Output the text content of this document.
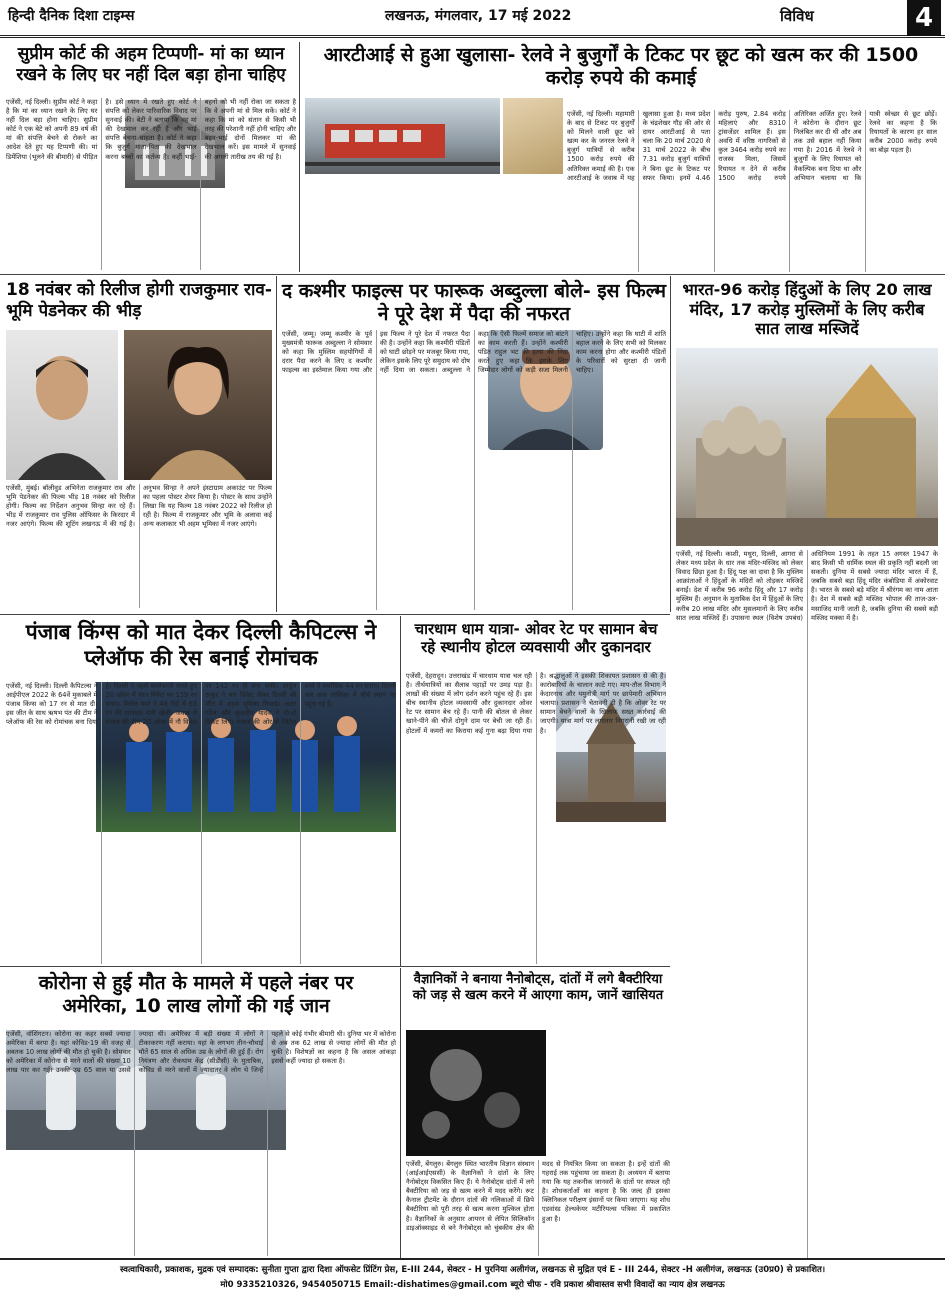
हिन्दी दैनिक दिशा टाइम्स	लखनऊ, मंगलवार, 17 मई 2022	विविध	4
सुप्रीम कोर्ट की अहम टिप्पणी- मां का ध्यान रखने के लिए घर नहीं दिल बड़ा होना चाहिए
एजेंसी, नई दिल्ली। सुप्रीम कोर्ट ने कहा है कि मां का ध्यान रखने के लिए घर नहीं दिल बड़ा होना चाहिए। सुप्रीम कोर्ट ने एक बेटे को अपनी 89 वर्ष की मां की संपत्ति बेचने से रोकने का आदेश देते हुए यह टिप्पणी की। मां डिमेंशिया (भूलने की बीमारी) से पीड़ित है। इसे ध्यान में रखते हुए कोर्ट ने संपत्ति को लेकर पारिवारिक विवाद पर सुनवाई की। बेटी ने बताया कि वह मां की देखभाल कर रही है और भाई संपत्ति बेचना चाहता है। कोर्ट ने कहा कि बुजुर्ग माता-पिता की देखभाल करना बच्चों का कर्तव्य है। कहीं भाई-बहनों को भी नहीं रोका जा सकता है कि वे अपनी मां से मिल सकें। कोर्ट ने कहा कि मां को संतान से किसी भी तरह की परेशानी नहीं होनी चाहिए और बहन-भाई दोनों मिलकर मां की देखभाल करें। इस मामले में सुनवाई की अगली तारीख तय की गई है।
आरटीआई से हुआ खुलासा- रेलवे ने बुजुर्गों के टिकट पर छूट को खत्म कर की 1500 करोड़ रुपये की कमाई
एजेंसी, नई दिल्ली। महामारी के बाद से टिकट पर बुजुर्गों को मिलने वाली छूट को खत्म कर के जनरल रेलवे ने बुजुर्ग यात्रियों से करीब 1500 करोड़ रुपये की अतिरिक्त कमाई की है। एक आरटीआई के जवाब में यह खुलासा हुआ है। मध्य प्रदेश के चंद्रशेखर गौड़ की ओर से दायर आरटीआई से पता चला कि 20 मार्च 2020 से 31 मार्च 2022 के बीच 7.31 करोड़ बुजुर्ग यात्रियों ने बिना छूट के टिकट पर सफर किया। इनमें 4.46 करोड़ पुरुष, 2.84 करोड़ महिलाएं और 8310 ट्रांसजेंडर शामिल हैं। इस अवधि में वरिष्ठ नागरिकों से कुल 3464 करोड़ रुपये का राजस्व मिला, जिसमें रियायत न देने से करीब 1500 करोड़ रुपये अतिरिक्त अर्जित हुए। रेलवे ने कोरोना के दौरान छूट निलंबित कर दी थी और अब तक उसे बहाल नहीं किया गया है। 2016 में रेलवे ने बुजुर्गों के लिए रियायत को वैकल्पिक बना दिया था और अभियान चलाया था कि यात्री स्वेच्छा से छूट छोड़ें। रेलवे का कहना है कि रियायतों के कारण हर साल करीब 2000 करोड़ रुपये का बोझ पड़ता है।
18 नवंबर को रिलीज होगी राजकुमार राव-भूमि पेडनेकर की भीड़
एजेंसी, मुंबई। बॉलीवुड अभिनेता राजकुमार राव और भूमि पेडनेकर की फिल्म भीड़ 18 नवंबर को रिलीज होगी। फिल्म का निर्देशन अनुभव सिन्हा कर रहे हैं। भीड़ में राजकुमार राव पुलिस ऑफिसर के किरदार में नजर आएंगे। फिल्म की शूटिंग लखनऊ में की गई है। अनुभव सिन्हा ने अपने इंस्टाग्राम अकाउंट पर फिल्म का पहला पोस्टर शेयर किया है। पोस्टर के साथ उन्होंने लिखा कि यह फिल्म 18 नवंबर 2022 को रिलीज हो रही है। फिल्म में राजकुमार और भूमि के अलावा कई अन्य कलाकार भी अहम भूमिका में नजर आएंगे।
द कश्मीर फाइल्स पर फारूक अब्दुल्ला बोले- इस फिल्म ने पूरे देश में पैदा की नफरत
एजेंसी, जम्मू। जम्मू कश्मीर के पूर्व मुख्यमंत्री फारूक अब्दुल्ला ने सोमवार को कहा कि मुस्लिम सहयोगियों में दरार पैदा करने के लिए द कश्मीर फाइल्स का इस्तेमाल किया गया और इस फिल्म ने पूरे देश में नफरत पैदा की है। उन्होंने कहा कि कश्मीरी पंडितों को घाटी छोड़ने पर मजबूर किया गया, लेकिन इसके लिए पूरे समुदाय को दोष नहीं दिया जा सकता। अब्दुल्ला ने कहा कि ऐसी फिल्में समाज को बांटने का काम करती हैं। उन्होंने कश्मीरी पंडित राहुल भट की हत्या की निंदा करते हुए कहा कि इसके लिए जिम्मेदार लोगों को कड़ी सजा मिलनी चाहिए। उन्होंने कहा कि घाटी में शांति बहाल करने के लिए सभी को मिलकर काम करना होगा और कश्मीरी पंडितों के परिवारों को सुरक्षा दी जानी चाहिए।
भारत-96 करोड़ हिंदुओं के लिए 20 लाख मंदिर, 17 करोड़ मुस्लिमों के लिए करीब सात लाख मस्जिदें
एजेंसी, नई दिल्ली। काशी, मथुरा, दिल्ली, आगरा से लेकर मध्य प्रदेश के धार तक मंदिर-मस्जिद को लेकर विवाद छिड़ा हुआ है। हिंदू पक्ष का दावा है कि मुस्लिम आक्रांताओं ने हिंदुओं के मंदिरों को तोड़कर मस्जिदें बनाईं। देश में करीब 96 करोड़ हिंदू और 17 करोड़ मुस्लिम हैं। अनुमान के मुताबिक देश में हिंदुओं के लिए करीब 20 लाख मंदिर और मुसलमानों के लिए करीब सात लाख मस्जिदें हैं। उपासना स्थल (विशेष उपबंध) अधिनियम 1991 के तहत 15 अगस्त 1947 के बाद किसी भी धार्मिक स्थल की प्रकृति नहीं बदली जा सकती। दुनिया में सबसे ज्यादा मंदिर भारत में हैं, जबकि सबसे बड़ा हिंदू मंदिर कंबोडिया में अंकोरवाट है। भारत के सबसे बड़े मंदिर में श्रीरंगम का नाम आता है। देश में सबसे बड़ी मस्जिद भोपाल की ताज-उल-मसाजिद मानी जाती है, जबकि दुनिया की सबसे बड़ी मस्जिद मक्का में है।
पंजाब किंग्स को मात देकर दिल्ली कैपिटल्स ने प्लेऑफ की रेस बनाई रोमांचक
एजेंसी, नई दिल्ली। दिल्ली कैपिटल्स ने आईपीएल 2022 के 64वें मुकाबले में पंजाब किंग्स को 17 रन से मात दी। इस जीत के साथ ऋषभ पंत की टीम ने प्लेऑफ की रेस को रोमांचक बना दिया है। दिल्ली ने पहले बल्लेबाजी करते हुए 20 ओवर में सात विकेट पर 159 रन बनाए। मिचेल मार्श ने 48 गेंदों में 63 रन की शानदार पारी खेली। जवाब में पंजाब की टीम 20 ओवर में नौ विकेट पर 142 रन ही बना सकी। शार्दुल ठाकुर ने चार विकेट लेकर दिल्ली की जीत में अहम भूमिका निभाई। अक्षर पटेल और कुलदीप यादव ने दो-दो विकेट लिए। पंजाब की ओर से जितेश शर्मा ने सर्वाधिक 44 रन बनाए। दिल्ली अब अंक तालिका में चौथे स्थान पर पहुंच गई है।
चारधाम धाम यात्रा- ओवर रेट पर सामान बेच रहे स्थानीय होटल व्यवसायी और दुकानदार
एजेंसी, देहरादून। उत्तराखंड में चारधाम यात्रा चल रही है। तीर्थयात्रियों का सैलाब पहाड़ों पर उमड़ पड़ा है। लाखों की संख्या में लोग दर्शन करने पहुंच रहे हैं। इस बीच स्थानीय होटल व्यवसायी और दुकानदार ओवर रेट पर सामान बेच रहे हैं। पानी की बोतल से लेकर खाने-पीने की चीजें दोगुने दाम पर बेची जा रही हैं। होटलों में कमरों का किराया कई गुना बढ़ा दिया गया है। श्रद्धालुओं ने इसकी शिकायत प्रशासन से की है। कारोबारियों के चालान काटे गए। माप-तौल विभाग ने केदारनाथ और यमुनोत्री मार्ग पर छापेमारी अभियान चलाया। प्रशासन ने चेतावनी दी है कि ओवर रेट पर सामान बेचने वालों के खिलाफ सख्त कार्रवाई की जाएगी। यात्रा मार्ग पर लगातार निगरानी रखी जा रही है।
कोरोना से हुई मौत के मामले में पहले नंबर पर अमेरिका, 10 लाख लोगों की गई जान
एजेंसी, वॉशिंगटन। कोरोना का कहर सबसे ज्यादा अमेरिका में बरपा है। यहां कोविड-19 की वजह से अबतक 10 लाख लोगों की मौत हो चुकी है। सोमवार को अमेरिका में कोरोना से मरने वालों की संख्या 10 लाख पार कर गई। उनकी उम्र 65 साल या उससे ज्यादा थी। अमेरिका में बड़ी संख्या में लोगों ने टीकाकरण नहीं कराया। यहां के लगभग तीन-चौथाई मौतें 65 साल से अधिक उम्र के लोगों की हुई हैं। रोग नियंत्रण और रोकथाम केंद्र (सीडीसी) के मुताबिक, कोविड से मरने वालों में ज्यादातर वे लोग थे जिन्हें पहले से कोई गंभीर बीमारी थी। दुनिया भर में कोरोना से अब तक 62 लाख से ज्यादा लोगों की मौत हो चुकी है। विशेषज्ञों का कहना है कि असल आंकड़ा इससे कहीं ज्यादा हो सकता है।
वैज्ञानिकों ने बनाया नैनोबोट्स, दांतों में लगे बैक्टीरिया को जड़ से खत्म करने में आएगा काम, जानें खासियत
एजेंसी, बेंगलुरु। बेंगलुरु स्थित भारतीय विज्ञान संस्थान (आईआईएससी) के वैज्ञानिकों ने दांतों के लिए नैनोबोट्स विकसित किए हैं। ये नैनोबोट्स दांतों में लगे बैक्टीरिया को जड़ से खत्म करने में मदद करेंगे। रूट कैनाल ट्रीटमेंट के दौरान दांतों की नलिकाओं में छिपे बैक्टीरिया को पूरी तरह से खत्म करना मुश्किल होता है। वैज्ञानिकों के अनुसार आयरन से लेपित सिलिकॉन डाइऑक्साइड से बने नैनोबोट्स को चुंबकीय क्षेत्र की मदद से नियंत्रित किया जा सकता है। इन्हें दांतों की गहराई तक पहुंचाया जा सकता है। अध्ययन में बताया गया कि यह तकनीक जानवरों के दांतों पर सफल रही है। शोधकर्ताओं का कहना है कि जल्द ही इसका क्लिनिकल परीक्षण इंसानों पर किया जाएगा। यह शोध एडवांस्ड हेल्थकेयर मटीरियल्स पत्रिका में प्रकाशित हुआ है।
स्वत्वाधिकारी, प्रकाशक, मुद्रक एवं सम्पादक: सुनीता गुप्ता द्वारा दिशा ऑफसेट प्रिंटिंग प्रेस, E-III 244, सेक्टर - H पुरनिया अलीगंज, लखनऊ से मुद्रित एवं E - III 244, सेक्टर -H अलीगंज, लखनऊ (उ0प्र0) से प्रकाशित।
मो0 9335210326, 9454050715 Email:-dishatimes@gmail.com ब्यूरो चीफ - रवि प्रकाश श्रीवास्तव सभी विवादों का न्याय क्षेत्र लखनऊ
